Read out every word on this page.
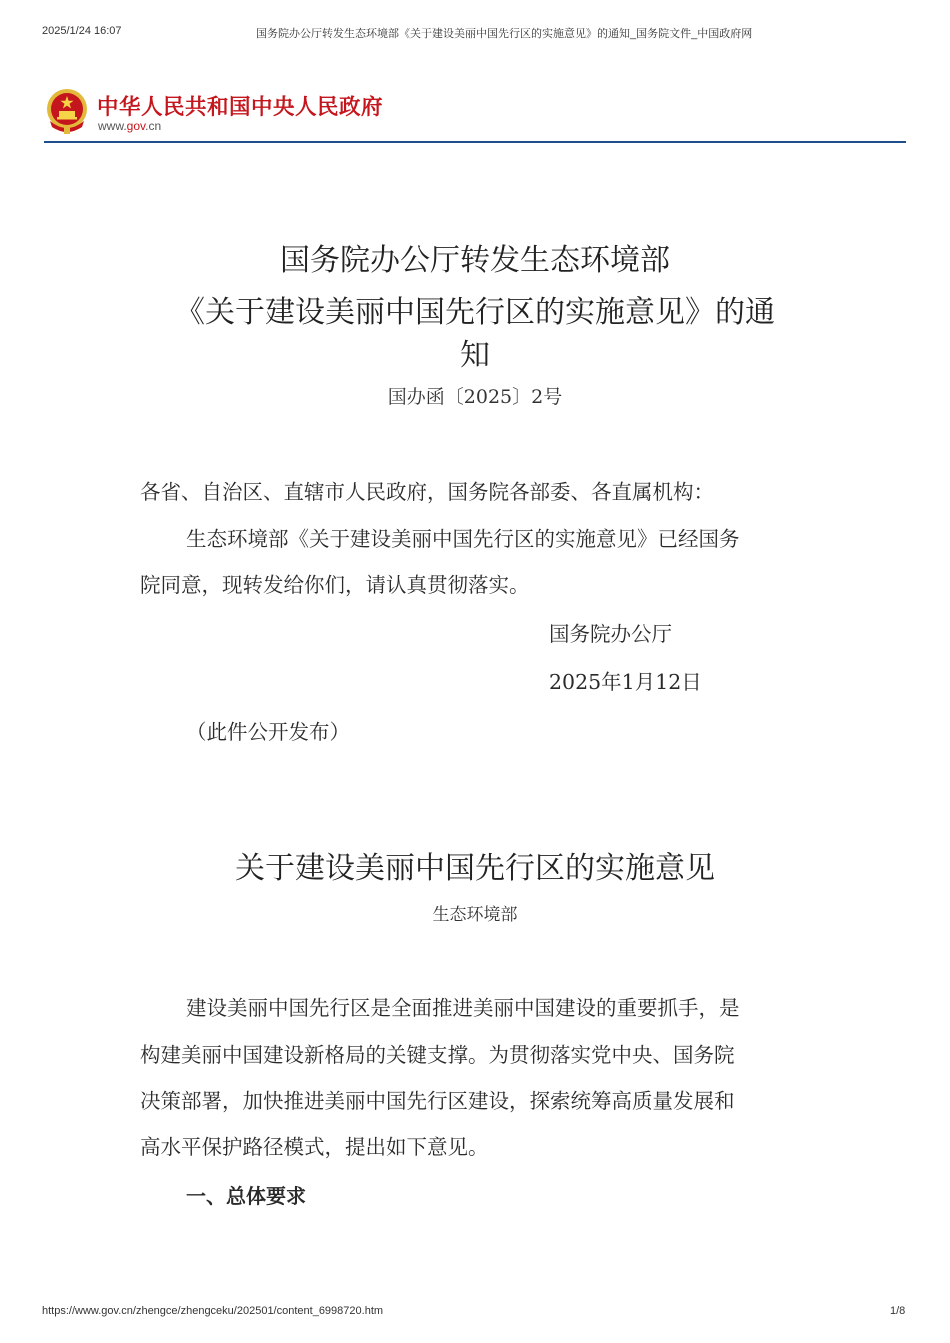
2025/1/24 16:07	国务院办公厅转发生态环境部《关于建设美丽中国先行区的实施意见》的通知_国务院文件_中国政府网
中华人民共和国中央人民政府
www.gov.cn
国务院办公厅转发生态环境部
《关于建设美丽中国先行区的实施意见》的通
知
国办函〔2025〕2号
各省、自治区、直辖市人民政府，国务院各部委、各直属机构：
生态环境部《关于建设美丽中国先行区的实施意见》已经国务
院同意，现转发给你们，请认真贯彻落实。
国务院办公厅
2025年1月12日
（此件公开发布）
关于建设美丽中国先行区的实施意见
生态环境部
建设美丽中国先行区是全面推进美丽中国建设的重要抓手，是
构建美丽中国建设新格局的关键支撑。为贯彻落实党中央、国务院
决策部署，加快推进美丽中国先行区建设，探索统筹高质量发展和
高水平保护路径模式，提出如下意见。
一、总体要求
https://www.gov.cn/zhengce/zhengceku/202501/content_6998720.htm	1/8
